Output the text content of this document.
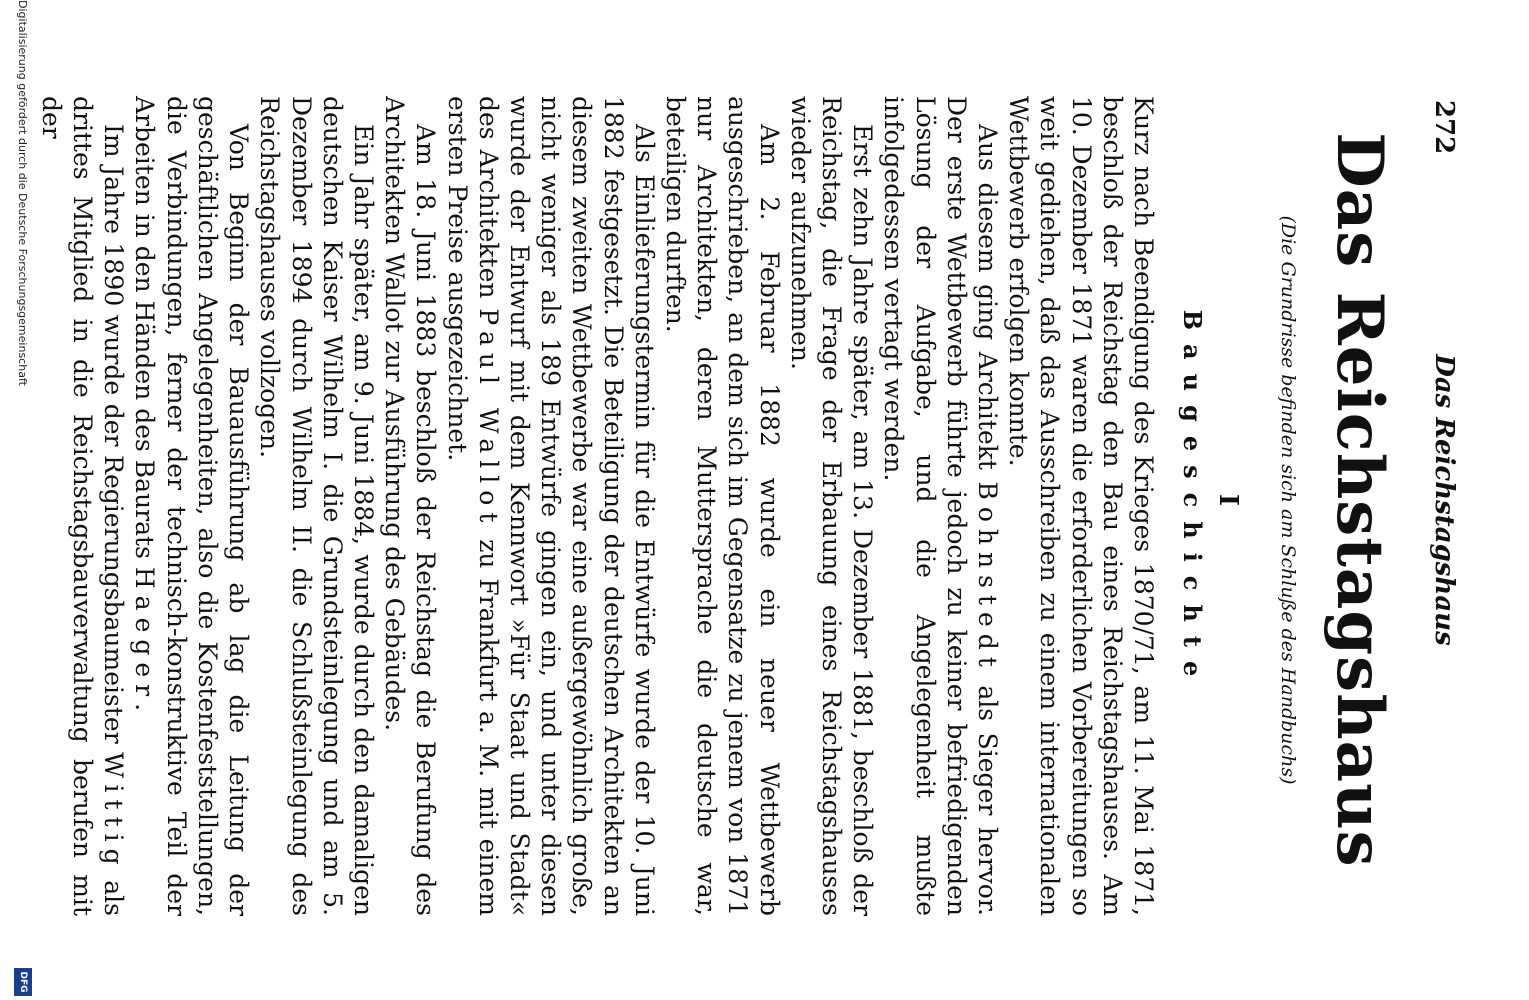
272
Das Reichstagshaus
Das Reichstagshaus
(Die Grundrisse befinden sich am Schluße des Handbuchs)
I
Baugeschichte

Kurz nach Beendigung des Krieges 1870/71, am 11. Mai 1871, beschloß der Reichstag den Bau eines Reichstagshauses. Am 10. Dezember 1871 waren die erforderlichen Vorbereitungen so weit gediehen, daß das Ausschreiben zu einem internationalen Wettbewerb erfolgen konnte.

Aus diesem ging Architekt Bohnstedt als Sieger hervor. Der erste Wettbewerb führte jedoch zu keiner befriedigenden Lösung der Aufgabe, und die Angelegenheit mußte infolgedessen vertagt werden.

Erst zehn Jahre später, am 13. Dezember 1881, beschloß der Reichstag, die Frage der Erbauung eines Reichstagshauses wieder aufzunehmen.

Am 2. Februar 1882 wurde ein neuer Wettbewerb ausgeschrieben, an dem sich im Gegensatze zu jenem von 1871 nur Architekten, deren Muttersprache die deutsche war, beteiligen durften.

Als Einlieferungstermin für die Entwürfe wurde der 10. Juni 1882 festgesetzt. Die Beteiligung der deutschen Architekten an diesem zweiten Wettbewerbe war eine außergewöhnlich große, nicht weniger als 189 Entwürfe gingen ein, und unter diesen wurde der Entwurf mit dem Kennwort »Für Staat und Stadt« des Architekten Paul Wallot zu Frankfurt a. M. mit einem ersten Preise ausgezeichnet.

Am 18. Juni 1883 beschloß der Reichstag die Berufung des Architekten Wallot zur Ausführung des Gebäudes.

Ein Jahr später, am 9. Juni 1884, wurde durch den damaligen deutschen Kaiser Wilhelm I. die Grundsteinlegung und am 5. Dezember 1894 durch Wilhelm II. die Schlußsteinlegung des Reichstagshauses vollzogen.

Von Beginn der Bauausführung ab lag die Leitung der geschäftlichen Angelegenheiten, also die Kostenfeststellungen, die Verbindungen, ferner der technisch-konstruktive Teil der Arbeiten in den Händen des Baurats Haeger.

Im Jahre 1890 wurde der Regierungsbaumeister Wittig als drittes Mitglied in die Reichstagsbauverwaltung berufen mit der

Digitalisierung gefördert durch die Deutsche Forschungsgemeinschaft
DFG
